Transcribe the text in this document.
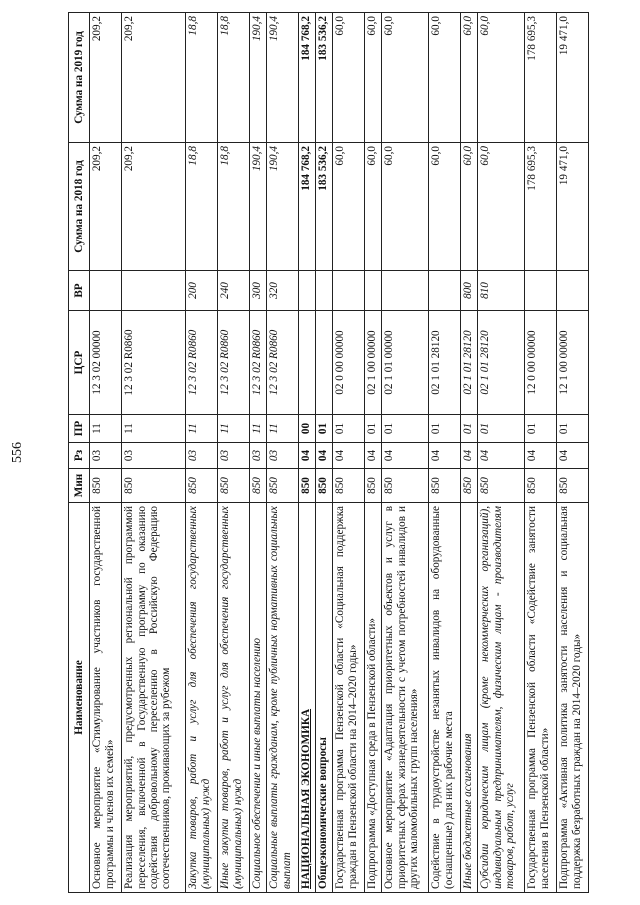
556
Наименование	Мин	Рз	ПР	ЦСР	ВР	Сумма на 2018 год	Сумма на 2019 год
Основное мероприятие «Стимулирование участников государственной программы и членов их семей»	850	03	11	12 3 02 00000		209,2	209,2
Реализация мероприятий, предусмотренных региональной программой переселения, включенной в Государственную программу по оказанию содействия добровольному переселению в Российскую Федерацию соотечественников, проживающих за рубежом	850	03	11	12 3 02 R0860		209,2	209,2
Закупка товаров, работ и услуг для обеспечения государственных (муниципальных) нужд	850	03	11	12 3 02 R0860	200	18,8	18,8
Иные закупки товаров, работ и услуг для обеспечения государственных (муниципальных) нужд	850	03	11	12 3 02 R0860	240	18,8	18,8
Социальное обеспечение и иные выплаты населению	850	03	11	12 3 02 R0860	300	190,4	190,4
Социальные выплаты гражданам, кроме публичных нормативных социальных выплат	850	03	11	12 3 02 R0860	320	190,4	190,4
НАЦИОНАЛЬНАЯ ЭКОНОМИКА	850	04	00			184 768,2	184 768,2
Общеэкономические вопросы	850	04	01			183 536,2	183 536,2
Государственная программа Пензенской области «Социальная поддержка граждан в Пензенской области на 2014–2020 годы»	850	04	01	02 0 00 00000		60,0	60,0
Подпрограмма «Доступная среда в Пензенской области»	850	04	01	02 1 00 00000		60,0	60,0
Основное мероприятие «Адаптация приоритетных объектов и услуг в приоритетных сферах жизнедеятельности с учетом потребностей инвалидов и других маломобильных групп населения»	850	04	01	02 1 01 00000		60,0	60,0
Содействие в трудоустройстве незанятых инвалидов на оборудованные (оснащенные) для них рабочие места	850	04	01	02 1 01 28120		60,0	60,0
Иные бюджетные ассигнования	850	04	01	02 1 01 28120	800	60,0	60,0
Субсидии юридическим лицам (кроме некоммерческих организаций), индивидуальным предпринимателям, физическим лицам - производителям товаров, работ, услуг	850	04	01	02 1 01 28120	810	60,0	60,0
Государственная программа Пензенской области «Содействие занятости населения в Пензенской области»	850	04	01	12 0 00 00000		178 695,3	178 695,3
Подпрограмма «Активная политика занятости населения и социальная поддержка безработных граждан на 2014–2020 годы»	850	04	01	12 1 00 00000		19 471,0	19 471,0
